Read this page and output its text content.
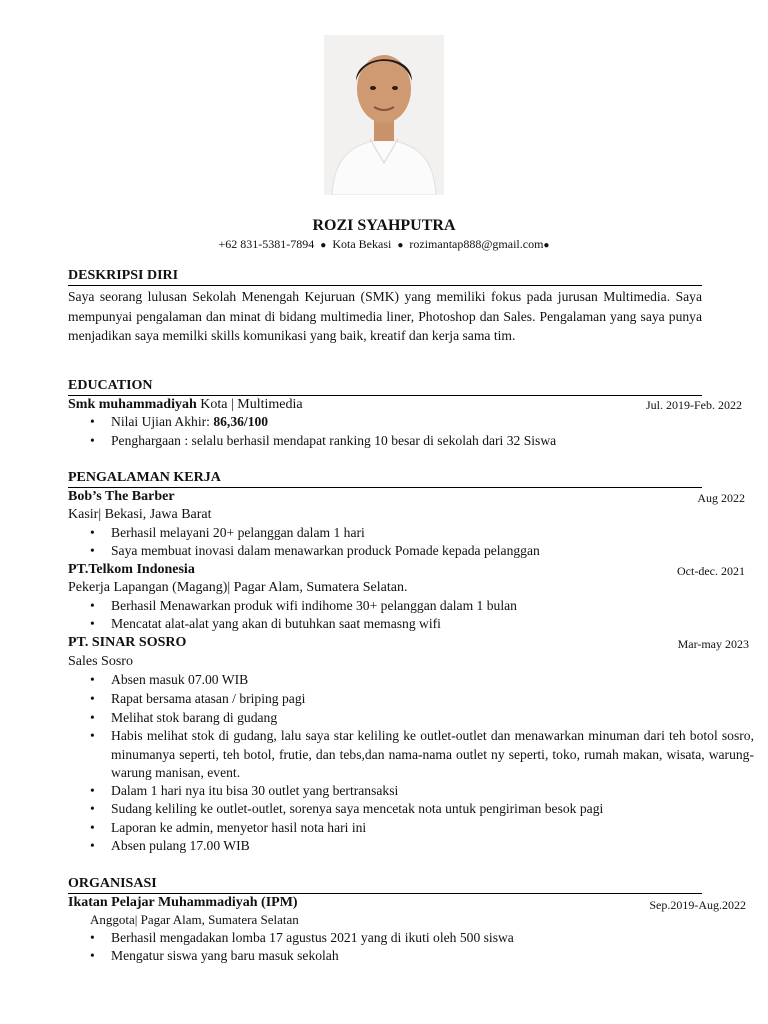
ROZI SYAHPUTRA
+62 831-5381-7894 ● Kota Bekasi ● rozimantap888@gmail.com●
DESKRIPSI DIRI
Saya seorang lulusan Sekolah Menengah Kejuruan (SMK) yang memiliki fokus pada jurusan Multimedia. Saya mempunyai pengalaman dan minat di bidang multimedia liner, Photoshop dan Sales. Pengalaman yang saya punya menjadikan saya memilki skills komunikasi yang baik, kreatif dan kerja sama tim.
EDUCATION
Smk muhammadiyah Kota | Multimedia	Jul. 2019-Feb. 2022
• Nilai Ujian Akhir: 86,36/100
• Penghargaan : selalu berhasil mendapat ranking 10 besar di sekolah dari 32 Siswa
PENGALAMAN KERJA
Bob’s The Barber	Aug 2022
Kasir| Bekasi, Jawa Barat
• Berhasil melayani 20+ pelanggan dalam 1 hari
• Saya membuat inovasi dalam menawarkan produck Pomade kepada pelanggan
PT.Telkom Indonesia	Oct-dec. 2021
Pekerja Lapangan (Magang)| Pagar Alam, Sumatera Selatan.
• Berhasil Menawarkan produk wifi indihome 30+ pelanggan dalam 1 bulan
• Mencatat alat-alat yang akan di butuhkan saat memasng wifi
PT. SINAR SOSRO	Mar-may 2023
Sales Sosro
• Absen masuk 07.00 WIB
• Rapat bersama atasan / briping pagi
• Melihat stok barang di gudang
• Habis melihat stok di gudang, lalu saya star keliling ke outlet-outlet dan menawarkan minuman dari teh botol sosro, minumanya seperti, teh botol, frutie, dan tebs,dan nama-nama outlet ny seperti, toko, rumah makan, wisata, warung-warung manisan, event.
• Dalam 1 hari nya itu bisa 30 outlet yang bertransaksi
• Sudang keliling ke outlet-outlet, sorenya saya mencetak nota untuk pengiriman besok pagi
• Laporan ke admin, menyetor hasil nota hari ini
• Absen pulang 17.00 WIB
ORGANISASI
Ikatan Pelajar Muhammadiyah (IPM)	Sep.2019-Aug.2022
Anggota| Pagar Alam, Sumatera Selatan
• Berhasil mengadakan lomba 17 agustus 2021 yang di ikuti oleh 500 siswa
• Mengatur siswa yang baru masuk sekolah
